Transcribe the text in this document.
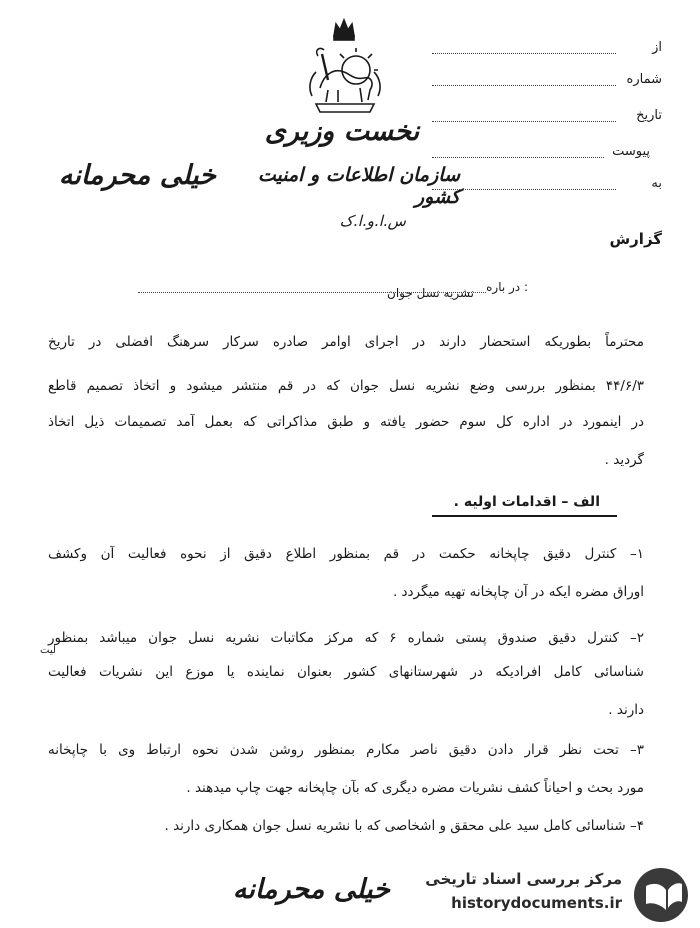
نخست وزیری
سازمان اطلاعات و امنیت کشور
س.ا.و.ا.ک
خیلی محرمانه
از
شماره
تاریخ
پیوست
به
گزارش
در باره :
نشریه نسل جوان
محترماً بطوریکه استحضار دارند در اجرای اوامر صادره سرکار سرهنگ افضلی در تاریخ
۴۴/۶/۳ بمنظور بررسی وضع نشریه نسل جوان که در قم منتشر میشود و اتخاذ تصمیم قاطع
در اینمورد در اداره کل سوم حضور یافته و طبق مذاکراتی که بعمل آمد تصمیمات ذیل اتخاذ
گردید .
الف – اقدامات اولیه .
۱– کنترل دقیق چاپخانه حکمت در قم بمنظور اطلاع دقیق از نحوه فعالیت آن وکشف
اوراق مضره ایکه در آن چاپخانه تهیه میگردد .
۲– کنترل دقیق صندوق پستی شماره ۶ که مرکز مکاتبات نشریه نسل جوان میباشد بمنظور
شناسائی کامل افرادیکه در شهرستانهای کشور بعنوان نماینده یا موزع این نشریات فعالیت
لیت
دارند .
۳– تحت نظر قرار دادن دقیق ناصر مکارم بمنظور روشن شدن نحوه ارتباط وی با چاپخانه
مورد بحث و احیاناً کشف نشریات مضره دیگری که بآن چاپخانه جهت چاپ میدهند .
۴– شناسائی کامل سید علی محقق و اشخاصی که با نشریه نسل جوان همکاری دارند .
خیلی محرمانه مرکز بررسی اسناد تاریخی
historydocuments.ir
